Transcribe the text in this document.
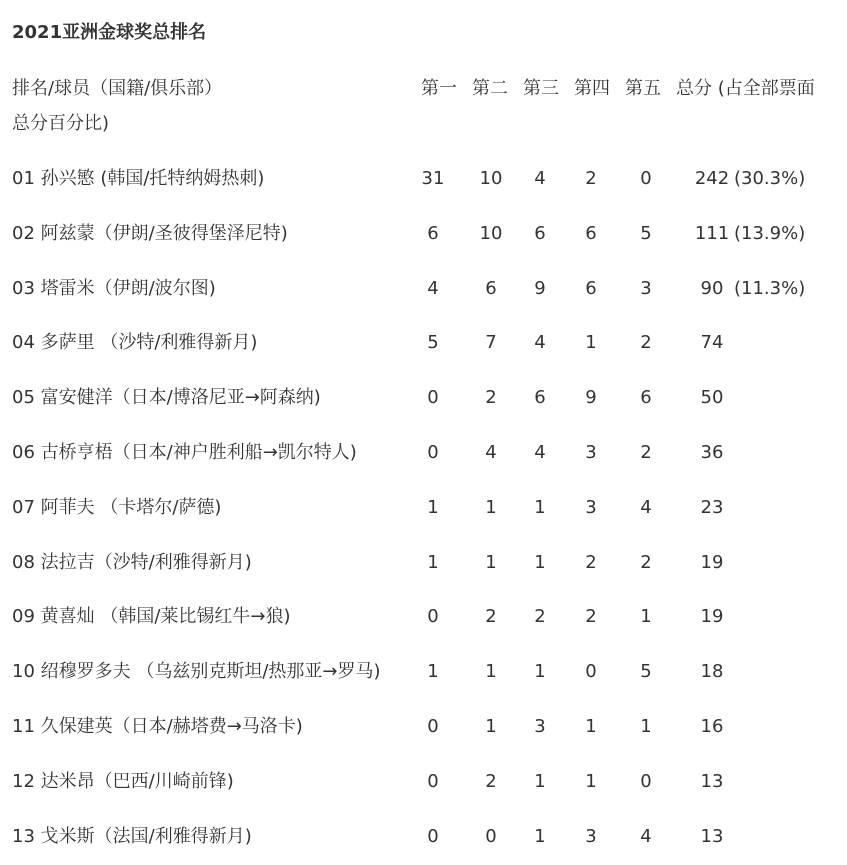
2021亚洲金球奖总排名
排名/球员（国籍/俱乐部）	第一 第二 第三 第四 第五 总分 (占全部票面
总分百分比)
01 孙兴慜 (韩国/托特纳姆热刺)	31	10	4	2	0	242 (30.3%)
02 阿兹蒙（伊朗/圣彼得堡泽尼特)	6	10	6	6	5	111 (13.9%)
03 塔雷米（伊朗/波尔图)	4	6	9	6	3	90 (11.3%)
04 多萨里 （沙特/利雅得新月)	5	7	4	1	2	74
05 富安健洋（日本/博洛尼亚→阿森纳)	0	2	6	9	6	50
06 古桥亨梧（日本/神户胜利船→凯尔特人)	0	4	4	3	2	36
07 阿菲夫 （卡塔尔/萨德)	1	1	1	3	4	23
08 法拉吉（沙特/利雅得新月)	1	1	1	2	2	19
09 黄喜灿 （韩国/莱比锡红牛→狼)	0	2	2	2	1	19
10 绍穆罗多夫 （乌兹别克斯坦/热那亚→罗马)	1	1	1	0	5	18
11 久保建英（日本/赫塔费→马洛卡)	0	1	3	1	1	16
12 达米昂（巴西/川崎前锋)	0	2	1	1	0	13
13 戈米斯（法国/利雅得新月)	0	0	1	3	4	13
